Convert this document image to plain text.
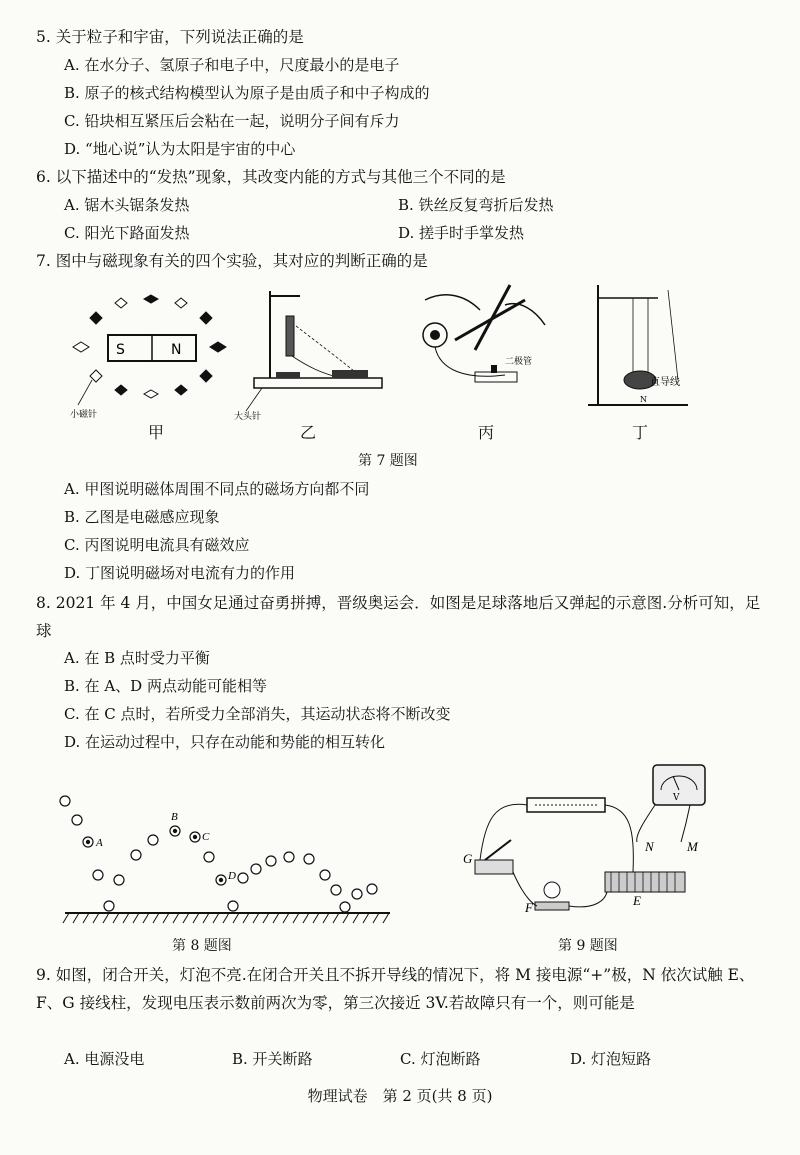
5. 关于粒子和宇宙，下列说法正确的是
A. 在水分子、氢原子和电子中，尺度最小的是电子
B. 原子的核式结构模型认为原子是由质子和中子构成的
C. 铅块相互紧压后会粘在一起，说明分子间有斥力
D. “地心说”认为太阳是宇宙的中心
6. 以下描述中的“发热”现象，其改变内能的方式与其他三个不同的是
A. 锯木头锯条发热	B. 铁丝反复弯折后发热
C. 阳光下路面发热	D. 搓手时手掌发热
7. 图中与磁现象有关的四个实验，其对应的判断正确的是
S	N
小磁针	大头针
二极管
直导线
N
甲	乙	丙	丁
第 7 题图
A. 甲图说明磁体周围不同点的磁场方向都不同
B. 乙图是电磁感应现象
C. 丙图说明电流具有磁效应
D. 丁图说明磁场对电流有力的作用
8. 2021 年 4 月，中国女足通过奋勇拼搏，晋级奥运会．如图是足球落地后又弹起的示意图.分析可知，足球
A. 在 B 点时受力平衡
B. 在 A、D 两点动能可能相等
C. 在 C 点时，若所受力全部消失，其运动状态将不断改变
D. 在运动过程中，只存在动能和势能的相互转化
A
B
C
D
第 8 题图
V
N	M
G
F	E
第 9 题图
9. 如图，闭合开关，灯泡不亮.在闭合开关且不拆开导线的情况下，将 M 接电源“+”极，N 依次试触 E、F、G 接线柱，发现电压表示数前两次为零，第三次接近 3V.若故障只有一个，则可能是
A. 电源没电	B. 开关断路	C. 灯泡断路	D. 灯泡短路
物理试卷　第 2 页(共 8 页)
